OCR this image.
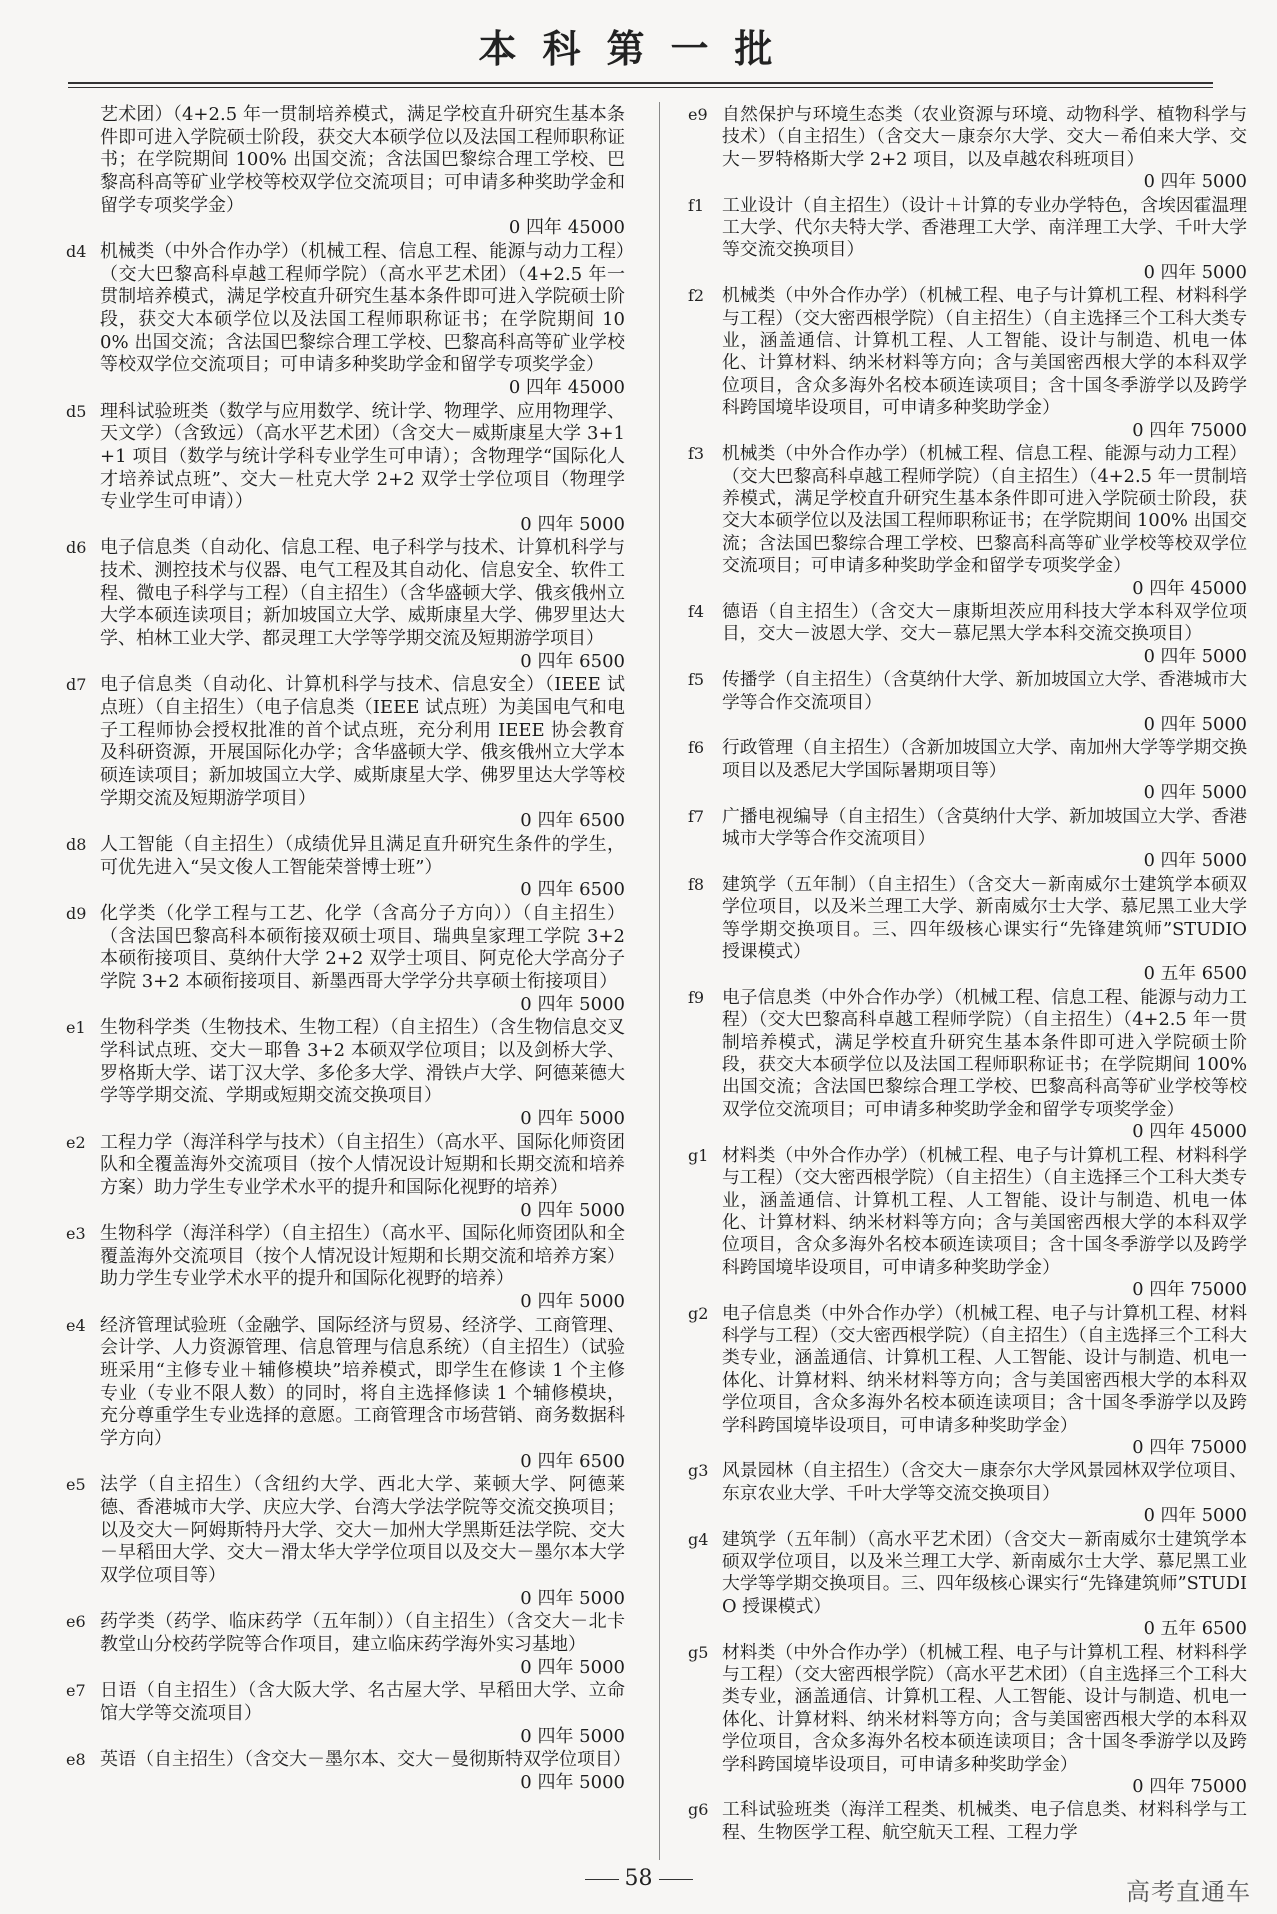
本科第一批
艺术团）（4+2.5 年一贯制培养模式，满足学校直升研究生基本条件即可进入学院硕士阶段，获交大本硕学位以及法国工程师职称证书；在学院期间 100% 出国交流；含法国巴黎综合理工学校、巴黎高科高等矿业学校等校双学位交流项目；可申请多种奖助学金和留学专项奖学金）
0 四年 45000
d4 机械类（中外合作办学）（机械工程、信息工程、能源与动力工程）（交大巴黎高科卓越工程师学院）（高水平艺术团）（4+2.5 年一贯制培养模式，满足学校直升研究生基本条件即可进入学院硕士阶段，获交大本硕学位以及法国工程师职称证书；在学院期间 100% 出国交流；含法国巴黎综合理工学校、巴黎高科高等矿业学校等校双学位交流项目；可申请多种奖助学金和留学专项奖学金）
0 四年 45000
d5 理科试验班类（数学与应用数学、统计学、物理学、应用物理学、天文学）（含致远）（高水平艺术团）（含交大－威斯康星大学 3+1+1 项目（数学与统计学科专业学生可申请）；含物理学“国际化人才培养试点班”、交大－杜克大学 2+2 双学士学位项目（物理学专业学生可申请））
0 四年 5000
d6 电子信息类（自动化、信息工程、电子科学与技术、计算机科学与技术、测控技术与仪器、电气工程及其自动化、信息安全、软件工程、微电子科学与工程）（自主招生）（含华盛顿大学、俄亥俄州立大学本硕连读项目；新加坡国立大学、威斯康星大学、佛罗里达大学、柏林工业大学、都灵理工大学等学期交流及短期游学项目）
0 四年 6500
d7 电子信息类（自动化、计算机科学与技术、信息安全）（IEEE 试点班）（自主招生）（电子信息类（IEEE 试点班）为美国电气和电子工程师协会授权批准的首个试点班，充分利用 IEEE 协会教育及科研资源，开展国际化办学；含华盛顿大学、俄亥俄州立大学本硕连读项目；新加坡国立大学、威斯康星大学、佛罗里达大学等校学期交流及短期游学项目）
0 四年 6500
d8 人工智能（自主招生）（成绩优异且满足直升研究生条件的学生，可优先进入“吴文俊人工智能荣誉博士班”）
0 四年 6500
d9 化学类（化学工程与工艺、化学（含高分子方向））（自主招生）（含法国巴黎高科本硕衔接双硕士项目、瑞典皇家理工学院 3+2 本硕衔接项目、莫纳什大学 2+2 双学士项目、阿克伦大学高分子学院 3+2 本硕衔接项目、新墨西哥大学学分共享硕士衔接项目）
0 四年 5000
e1 生物科学类（生物技术、生物工程）（自主招生）（含生物信息交叉学科试点班、交大－耶鲁 3+2 本硕双学位项目；以及剑桥大学、罗格斯大学、诺丁汉大学、多伦多大学、滑铁卢大学、阿德莱德大学等学期交流、学期或短期交流交换项目）
0 四年 5000
e2 工程力学（海洋科学与技术）（自主招生）（高水平、国际化师资团队和全覆盖海外交流项目（按个人情况设计短期和长期交流和培养方案）助力学生专业学术水平的提升和国际化视野的培养）
0 四年 5000
e3 生物科学（海洋科学）（自主招生）（高水平、国际化师资团队和全覆盖海外交流项目（按个人情况设计短期和长期交流和培养方案）助力学生专业学术水平的提升和国际化视野的培养）
0 四年 5000
e4 经济管理试验班（金融学、国际经济与贸易、经济学、工商管理、会计学、人力资源管理、信息管理与信息系统）（自主招生）（试验班采用“主修专业＋辅修模块”培养模式，即学生在修读 1 个主修专业（专业不限人数）的同时，将自主选择修读 1 个辅修模块，充分尊重学生专业选择的意愿。工商管理含市场营销、商务数据科学方向）
0 四年 6500
e5 法学（自主招生）（含纽约大学、西北大学、莱顿大学、阿德莱德、香港城市大学、庆应大学、台湾大学法学院等交流交换项目；以及交大－阿姆斯特丹大学、交大－加州大学黑斯廷法学院、交大－早稻田大学、交大－滑太华大学学位项目以及交大－墨尔本大学双学位项目等）
0 四年 5000
e6 药学类（药学、临床药学（五年制））（自主招生）（含交大－北卡教堂山分校药学院等合作项目，建立临床药学海外实习基地）
0 四年 5000
e7 日语（自主招生）（含大阪大学、名古屋大学、早稻田大学、立命馆大学等交流项目）
0 四年 5000
e8 英语（自主招生）（含交大－墨尔本、交大－曼彻斯特双学位项目）
0 四年 5000
e9 自然保护与环境生态类（农业资源与环境、动物科学、植物科学与技术）（自主招生）（含交大－康奈尔大学、交大－希伯来大学、交大－罗特格斯大学 2+2 项目，以及卓越农科班项目）
0 四年 5000
f1 工业设计（自主招生）（设计＋计算的专业办学特色，含埃因霍温理工大学、代尔夫特大学、香港理工大学、南洋理工大学、千叶大学等交流交换项目）
0 四年 5000
f2 机械类（中外合作办学）（机械工程、电子与计算机工程、材料科学与工程）（交大密西根学院）（自主招生）（自主选择三个工科大类专业，涵盖通信、计算机工程、人工智能、设计与制造、机电一体化、计算材料、纳米材料等方向；含与美国密西根大学的本科双学位项目，含众多海外名校本硕连读项目；含十国冬季游学以及跨学科跨国境毕设项目，可申请多种奖助学金）
0 四年 75000
f3 机械类（中外合作办学）（机械工程、信息工程、能源与动力工程）（交大巴黎高科卓越工程师学院）（自主招生）（4+2.5 年一贯制培养模式，满足学校直升研究生基本条件即可进入学院硕士阶段，获交大本硕学位以及法国工程师职称证书；在学院期间 100% 出国交流；含法国巴黎综合理工学校、巴黎高科高等矿业学校等校双学位交流项目；可申请多种奖助学金和留学专项奖学金）
0 四年 45000
f4 德语（自主招生）（含交大－康斯坦茨应用科技大学本科双学位项目，交大－波恩大学、交大－慕尼黑大学本科交流交换项目）
0 四年 5000
f5 传播学（自主招生）（含莫纳什大学、新加坡国立大学、香港城市大学等合作交流项目）
0 四年 5000
f6 行政管理（自主招生）（含新加坡国立大学、南加州大学等学期交换项目以及悉尼大学国际暑期项目等）
0 四年 5000
f7 广播电视编导（自主招生）（含莫纳什大学、新加坡国立大学、香港城市大学等合作交流项目）
0 四年 5000
f8 建筑学（五年制）（自主招生）（含交大－新南威尔士建筑学本硕双学位项目，以及米兰理工大学、新南威尔士大学、慕尼黑工业大学等学期交换项目。三、四年级核心课实行“先锋建筑师”STUDIO 授课模式）
0 五年 6500
f9 电子信息类（中外合作办学）（机械工程、信息工程、能源与动力工程）（交大巴黎高科卓越工程师学院）（自主招生）（4+2.5 年一贯制培养模式，满足学校直升研究生基本条件即可进入学院硕士阶段，获交大本硕学位以及法国工程师职称证书；在学院期间 100% 出国交流；含法国巴黎综合理工学校、巴黎高科高等矿业学校等校双学位交流项目；可申请多种奖助学金和留学专项奖学金）
0 四年 45000
g1 材料类（中外合作办学）（机械工程、电子与计算机工程、材料科学与工程）（交大密西根学院）（自主招生）（自主选择三个工科大类专业，涵盖通信、计算机工程、人工智能、设计与制造、机电一体化、计算材料、纳米材料等方向；含与美国密西根大学的本科双学位项目，含众多海外名校本硕连读项目；含十国冬季游学以及跨学科跨国境毕设项目，可申请多种奖助学金）
0 四年 75000
g2 电子信息类（中外合作办学）（机械工程、电子与计算机工程、材料科学与工程）（交大密西根学院）（自主招生）（自主选择三个工科大类专业，涵盖通信、计算机工程、人工智能、设计与制造、机电一体化、计算材料、纳米材料等方向；含与美国密西根大学的本科双学位项目，含众多海外名校本硕连读项目；含十国冬季游学以及跨学科跨国境毕设项目，可申请多种奖助学金）
0 四年 75000
g3 风景园林（自主招生）（含交大－康奈尔大学风景园林双学位项目、东京农业大学、千叶大学等交流交换项目）
0 四年 5000
g4 建筑学（五年制）（高水平艺术团）（含交大－新南威尔士建筑学本硕双学位项目，以及米兰理工大学、新南威尔士大学、慕尼黑工业大学等学期交换项目。三、四年级核心课实行“先锋建筑师”STUDIO 授课模式）
0 五年 6500
g5 材料类（中外合作办学）（机械工程、电子与计算机工程、材料科学与工程）（交大密西根学院）（高水平艺术团）（自主选择三个工科大类专业，涵盖通信、计算机工程、人工智能、设计与制造、机电一体化、计算材料、纳米材料等方向；含与美国密西根大学的本科双学位项目，含众多海外名校本硕连读项目；含十国冬季游学以及跨学科跨国境毕设项目，可申请多种奖助学金）
0 四年 75000
g6 工科试验班类（海洋工程类、机械类、电子信息类、材料科学与工程、生物医学工程、航空航天工程、工程力学
58
高考直通车
